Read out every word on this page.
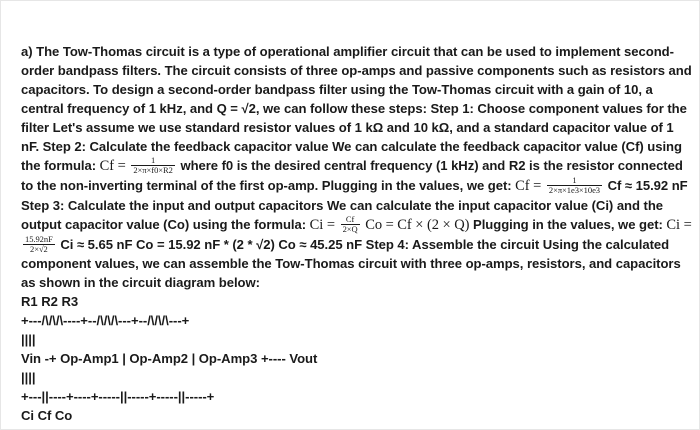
a) The Tow-Thomas circuit is a type of operational amplifier circuit that can be used to implement second-order bandpass filters. The circuit consists of three op-amps and passive components such as resistors and capacitors. To design a second-order bandpass filter using the Tow-Thomas circuit with a gain of 10, a central frequency of 1 kHz, and Q = √2, we can follow these steps: Step 1: Choose component values for the filter Let's assume we use standard resistor values of 1 kΩ and 10 kΩ, and a standard capacitor value of 1 nF. Step 2: Calculate the feedback capacitor value We can calculate the feedback capacitor value (Cf) using the formula: $Cf = \frac{1}{2\times\pi\times f0\times R2}$ where f0 is the desired central frequency (1 kHz) and R2 is the resistor connected to the non-inverting terminal of the first op-amp. Plugging in the values, we get: $Cf = \frac{1}{2\times\pi\times 1e3\times 10e3}$ Cf ≈ 15.92 nF Step 3: Calculate the input and output capacitors We can calculate the input capacitor value (Ci) and the output capacitor value (Co) using the formula: $Ci = \frac{Cf}{2\times Q}$ Co = Cf × (2 × Q) Plugging in the values, we get: Ci =
$\frac{15.92nF}{2\times√2}$ Ci ≈ 5.65 nF Co = 15.92 nF * (2 * √2) Co ≈ 45.25 nF Step 4: Assemble the circuit Using the calculated component values, we can assemble the Tow-Thomas circuit with three op-amps, resistors, and capacitors as shown in the circuit diagram below:
R1 R2 R3
+---/\/\/\----+--/\/\/\---+--/\/\/\---+
||||
Vin -+ Op-Amp1 | Op-Amp2 | Op-Amp3 +---- Vout
||||
+---||----+----+-----||-----+-----||-----+
Ci Cf Co
